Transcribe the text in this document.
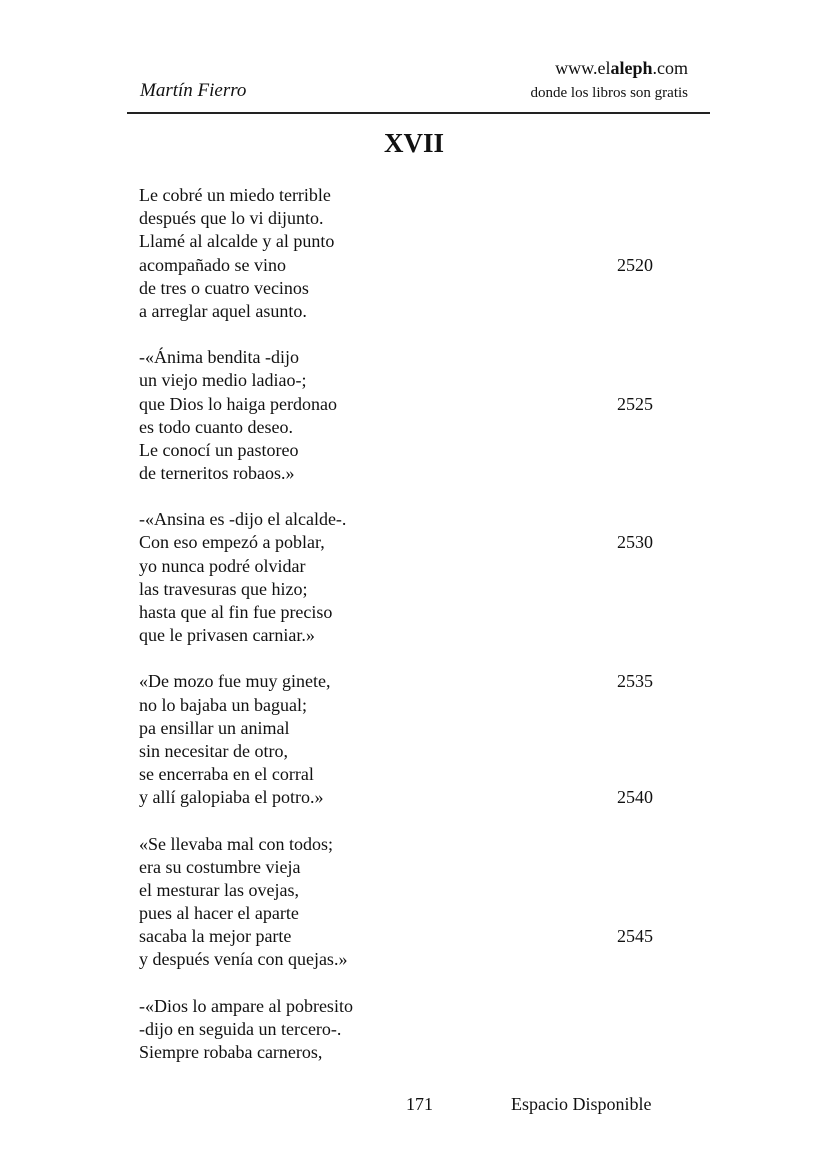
Martín Fierro
www.elaleph.com
donde los libros son gratis
XVII
Le cobré un miedo terrible
después que lo vi dijunto.
Llamé al alcalde y al punto
acompañado se vino	2520
de tres o cuatro vecinos
a arreglar aquel asunto.
-«Ánima bendita -dijo
un viejo medio ladiao-;
que Dios lo haiga perdonao	2525
es todo cuanto deseo.
Le conocí un pastoreo
de terneritos robaos.»
-«Ansina es -dijo el alcalde-.
Con eso empezó a poblar,	2530
yo nunca podré olvidar
las travesuras que hizo;
hasta que al fin fue preciso
que le privasen carniar.»
«De mozo fue muy ginete,	2535
no lo bajaba un bagual;
pa ensillar un animal
sin necesitar de otro,
se encerraba en el corral
y allí galopiaba el potro.»	2540
«Se llevaba mal con todos;
era su costumbre vieja
el mesturar las ovejas,
pues al hacer el aparte
sacaba la mejor parte	2545
y después venía con quejas.»
-«Dios lo ampare al pobresito
-dijo en seguida un tercero-.
Siempre robaba carneros,
171	Espacio Disponible
